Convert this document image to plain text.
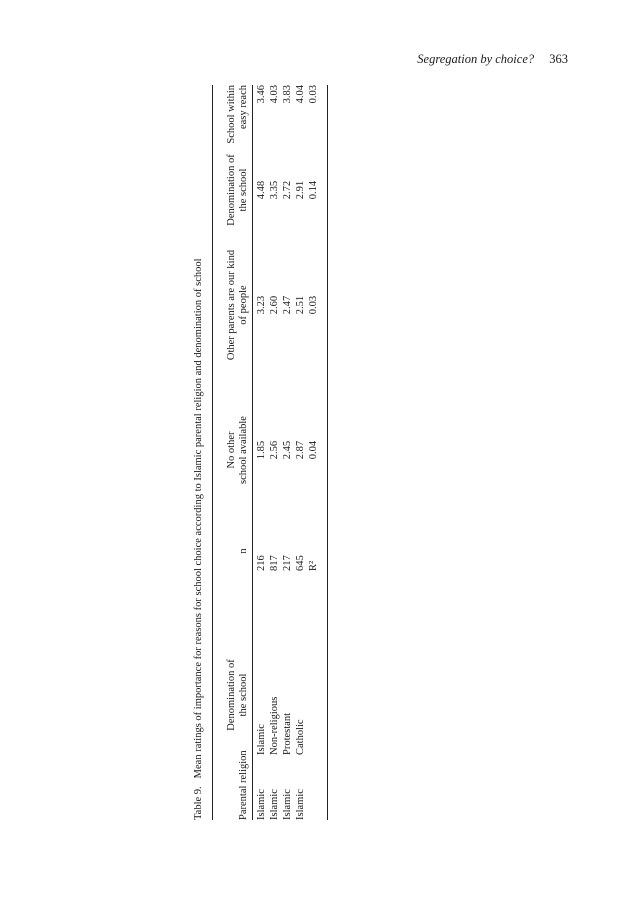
Segregation by choice? 363
Table 9.Mean ratings of importance for reasons for school choice according to Islamic parental religion and denomination of school
Parental religion
Denomination of the school
n
No other school available
Other parents are our kind of people
Denomination of the school
School within easy reach
Islamic
Islamic
216
1.85
3.23
4.48
3.46
Islamic
Non-religious
817
2.56
2.60
3.35
4.03
Islamic
Protestant
217
2.45
2.47
2.72
3.83
Islamic
Catholic
645
2.87
2.51
2.91
4.04
R²
0.04
0.03
0.14
0.03
